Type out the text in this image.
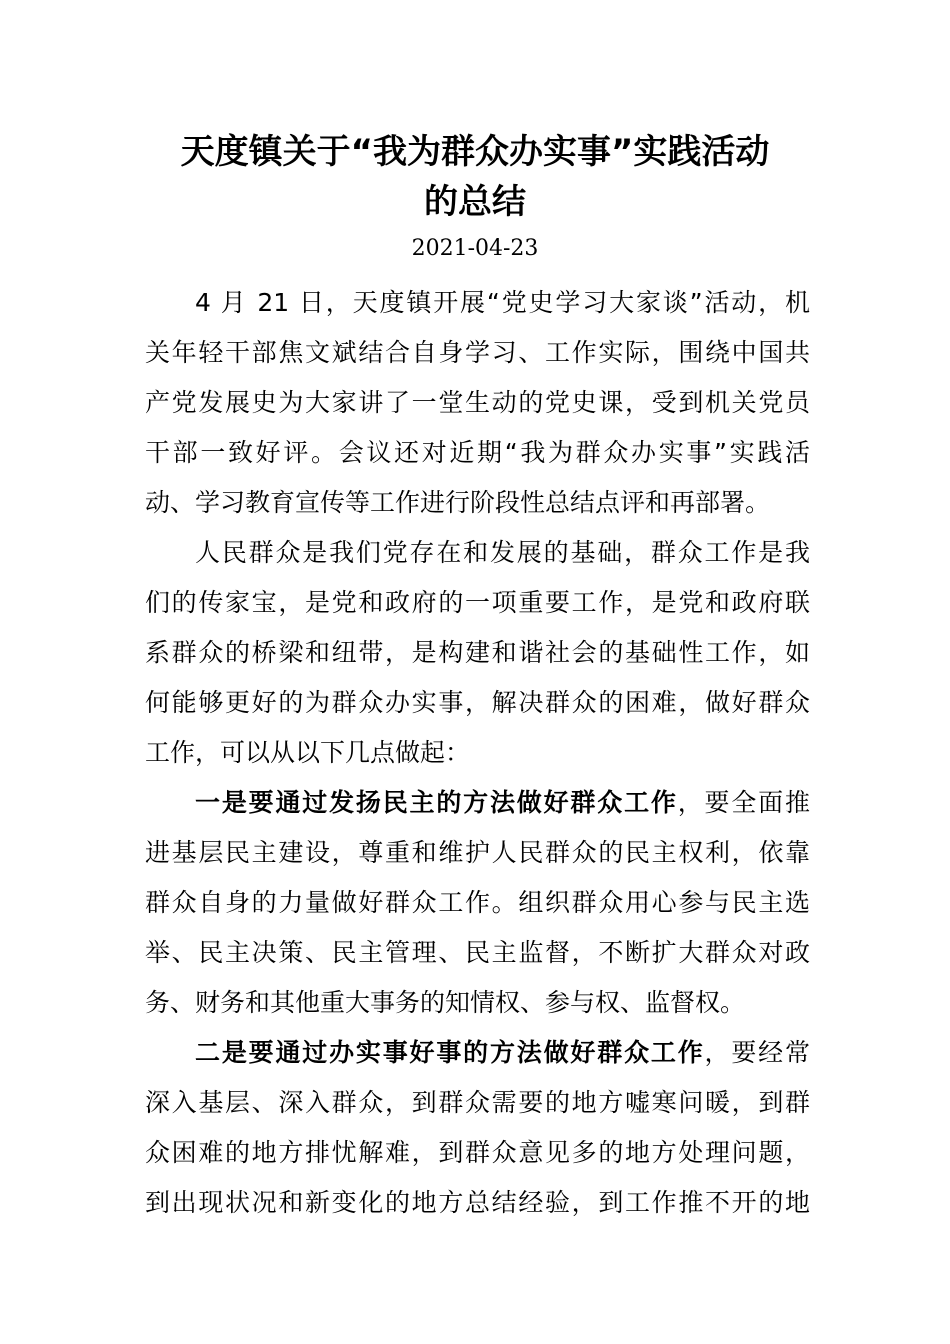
天度镇关于“我为群众办实事”实践活动
的总结
2021-04-23
4 月 21 日，天度镇开展“党史学习大家谈”活动，机
关年轻干部焦文斌结合自身学习、工作实际，围绕中国共
产党发展史为大家讲了一堂生动的党史课，受到机关党员
干部一致好评。会议还对近期“我为群众办实事”实践活
动、学习教育宣传等工作进行阶段性总结点评和再部署。
人民群众是我们党存在和发展的基础，群众工作是我
们的传家宝，是党和政府的一项重要工作，是党和政府联
系群众的桥梁和纽带，是构建和谐社会的基础性工作，如
何能够更好的为群众办实事，解决群众的困难，做好群众
工作，可以从以下几点做起：
一是要通过发扬民主的方法做好群众工作，要全面推
进基层民主建设，尊重和维护人民群众的民主权利，依靠
群众自身的力量做好群众工作。组织群众用心参与民主选
举、民主决策、民主管理、民主监督，不断扩大群众对政
务、财务和其他重大事务的知情权、参与权、监督权。
二是要通过办实事好事的方法做好群众工作，要经常
深入基层、深入群众，到群众需要的地方嘘寒问暖，到群
众困难的地方排忧解难，到群众意见多的地方处理问题，
到出现状况和新变化的地方总结经验，到工作推不开的地
